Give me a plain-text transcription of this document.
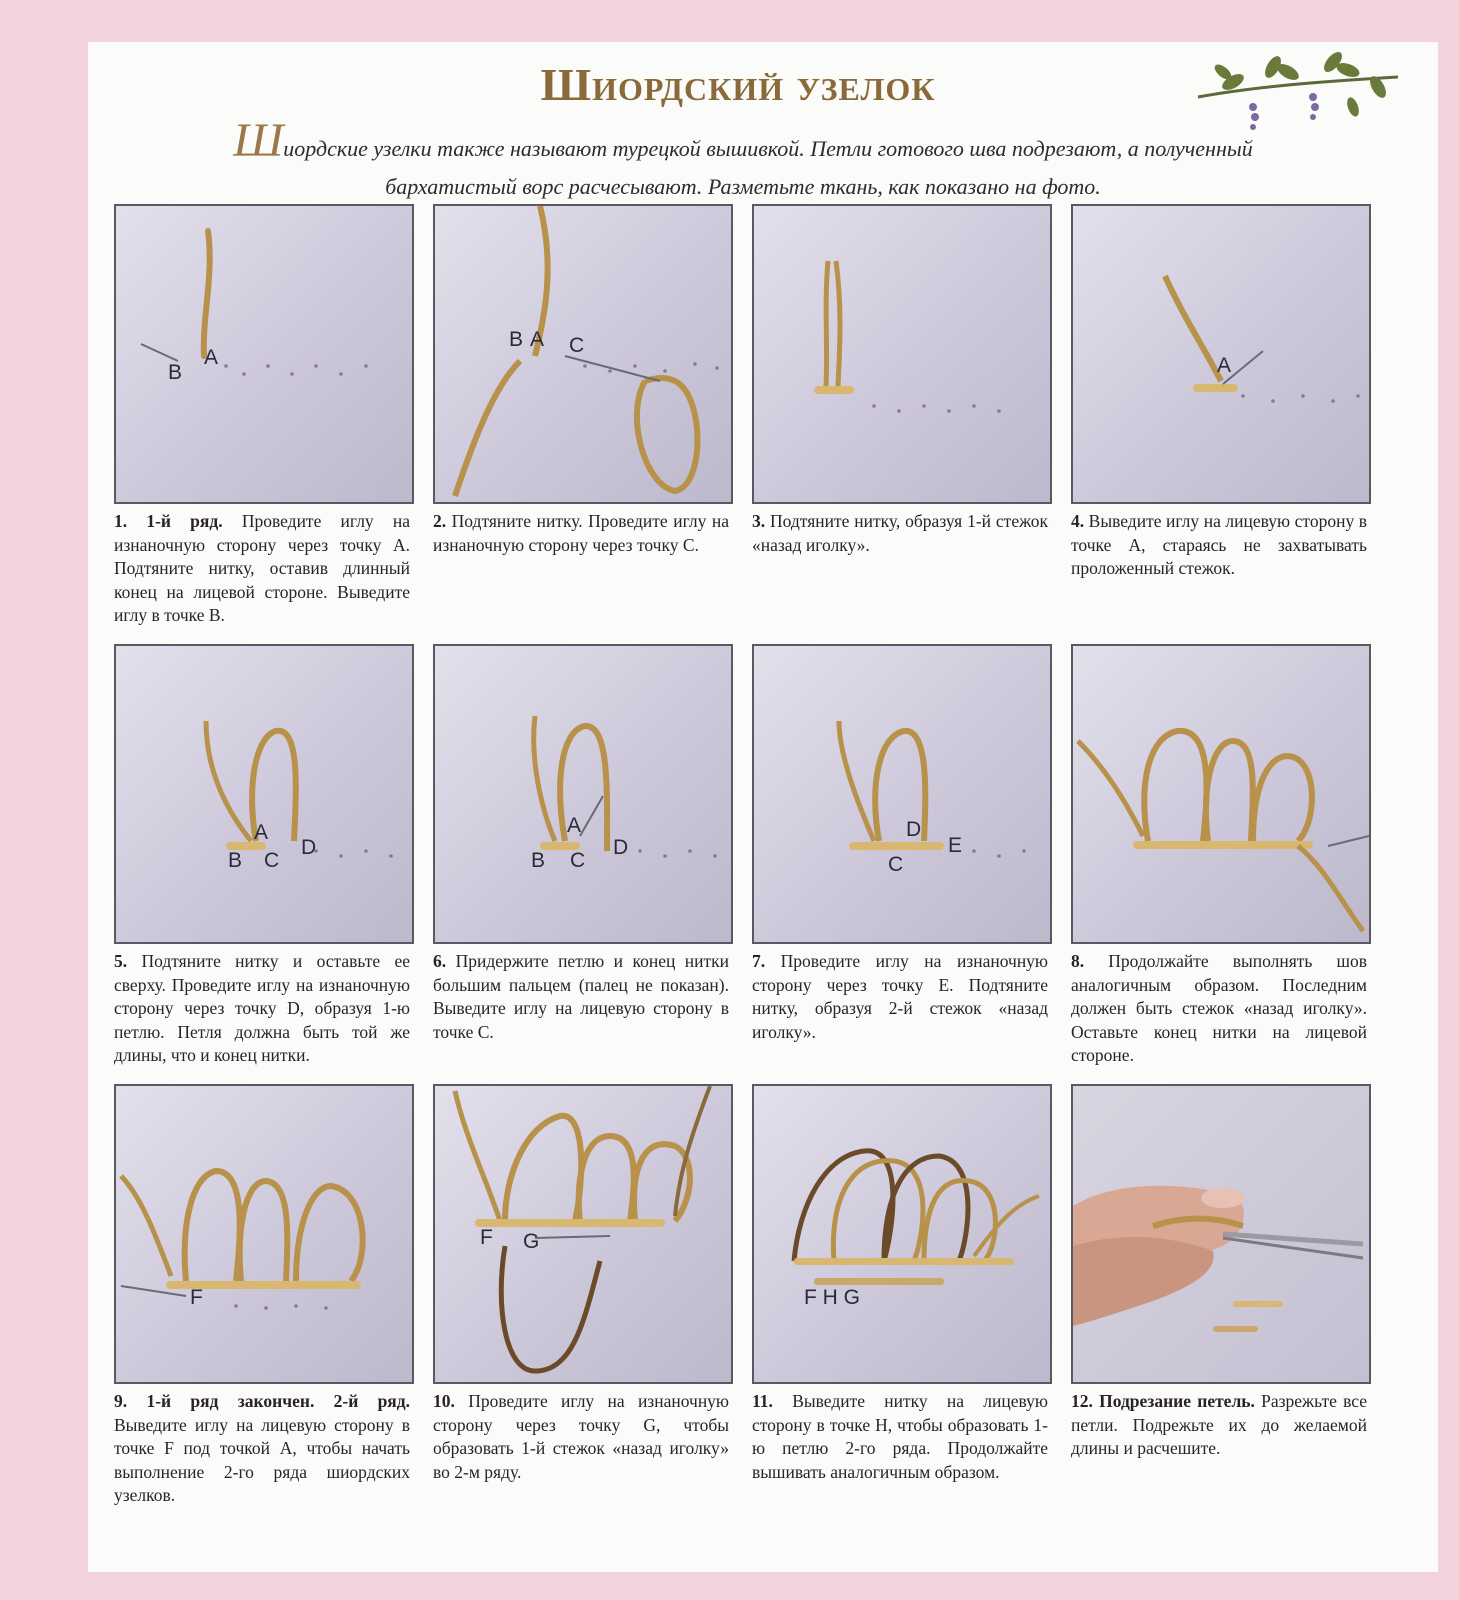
Шиордский узелок
Шиордские узелки также называют турецкой вышивкой. Петли готового шва подрезают, а полученный бархатистый ворс расчесывают. Разметьте ткань, как показано на фото.
В
А
1. 1-й ряд. Проведите иглу на изнаночную сторону через точку А. Подтяните нитку, оставив длинный конец на лицевой стороне. Выведите иглу в точке В.
В А С
2. Подтяните нитку. Проведите иглу на изнаночную сторону через точку С.
3. Подтяните нитку, образуя 1-й стежок «назад иголку».
А
4. Выведите иглу на лицевую сторону в точке А, стараясь не захватывать проложенный стежок.
А
В С
D
5. Подтяните нитку и оставьте ее сверху. Проведите иглу на изнаночную сторону через точку D, образуя 1-ю петлю. Петля должна быть той же длины, что и конец нитки.
А
В С
D
6. Придержите петлю и конец нитки большим пальцем (палец не показан). Выведите иглу на лицевую сторону в точке С.
D
С
Е
7. Проведите иглу на изнаночную сторону через точку Е. Подтяните нитку, образуя 2-й стежок «назад иголку».
8. Продолжайте выполнять шов аналогичным образом. Последним должен быть стежок «назад иголку». Оставьте конец нитки на лицевой стороне.
F
9. 1-й ряд закончен. 2-й ряд. Выведите иглу на лицевую сторону в точке F под точкой А, чтобы начать выполнение 2-го ряда шиордских узелков.
F G
10. Проведите иглу на изнаночную сторону через точку G, чтобы образовать 1-й стежок «назад иголку» во 2-м ряду.
F H G
11. Выведите нитку на лицевую сторону в точке Н, чтобы образовать 1-ю петлю 2-го ряда. Продолжайте вышивать аналогичным образом.
12. Подрезание петель. Разрежьте все петли. Подрежьте их до желаемой длины и расчешите.
